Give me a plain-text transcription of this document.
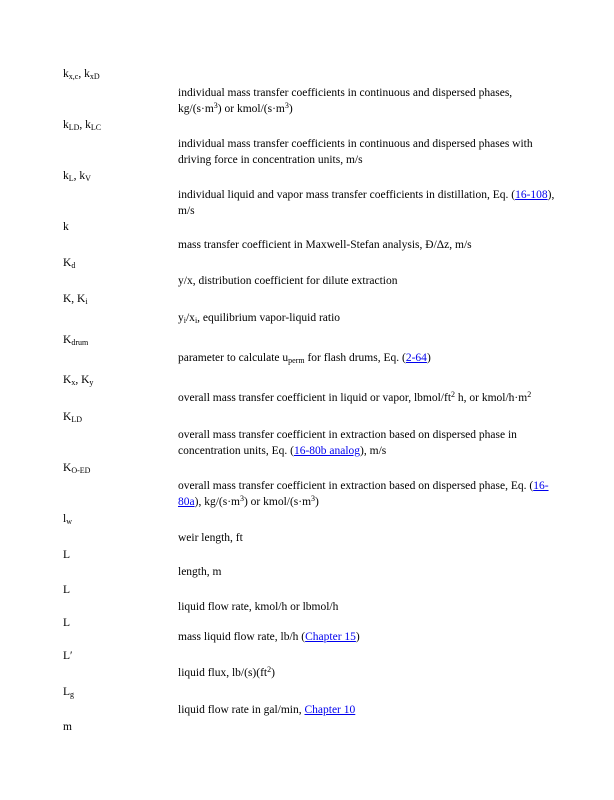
$k_{x,c}$, $k_{xD}$
individual mass transfer coefficients in continuous and dispersed phases, $kg/(s\cdot m^3)$ or kmol/$(s\cdot m^3)$
$k_{LD}$, $k_{LC}$
individual mass transfer coefficients in continuous and dispersed phases with driving force in concentration units, m/s
$k_L$, $k_V$
individual liquid and vapor mass transfer coefficients in distillation, Eq. (16-108), m/s
k
mass transfer coefficient in Maxwell-Stefan analysis, Ð/Δz, m/s
$K_d$
y/x, distribution coefficient for dilute extraction
K, $K_i$
$y_i/x_i$, equilibrium vapor-liquid ratio
$K_{drum}$
parameter to calculate $u_{perm}$ for flash drums, Eq. (2-64)
$K_x$, $K_y$
overall mass transfer coefficient in liquid or vapor, lbmol/$ft^2$ h, or kmol/$h\cdot m^2$
$K_{LD}$
overall mass transfer coefficient in extraction based on dispersed phase in concentration units, Eq. (16-80b analog), m/s
$K_{O-ED}$
overall mass transfer coefficient in extraction based on dispersed phase, Eq. (16-80a), $kg/(s\cdot m^3)$ or kmol/$(s\cdot m^3)$
$l_w$
weir length, ft
L
length, m
L
liquid flow rate, kmol/h or lbmol/h
L
mass liquid flow rate, lb/h (Chapter 15)
L′
liquid flux, $lb/(s)(ft^2)$
$L_g$
liquid flow rate in gal/min, Chapter 10
m
